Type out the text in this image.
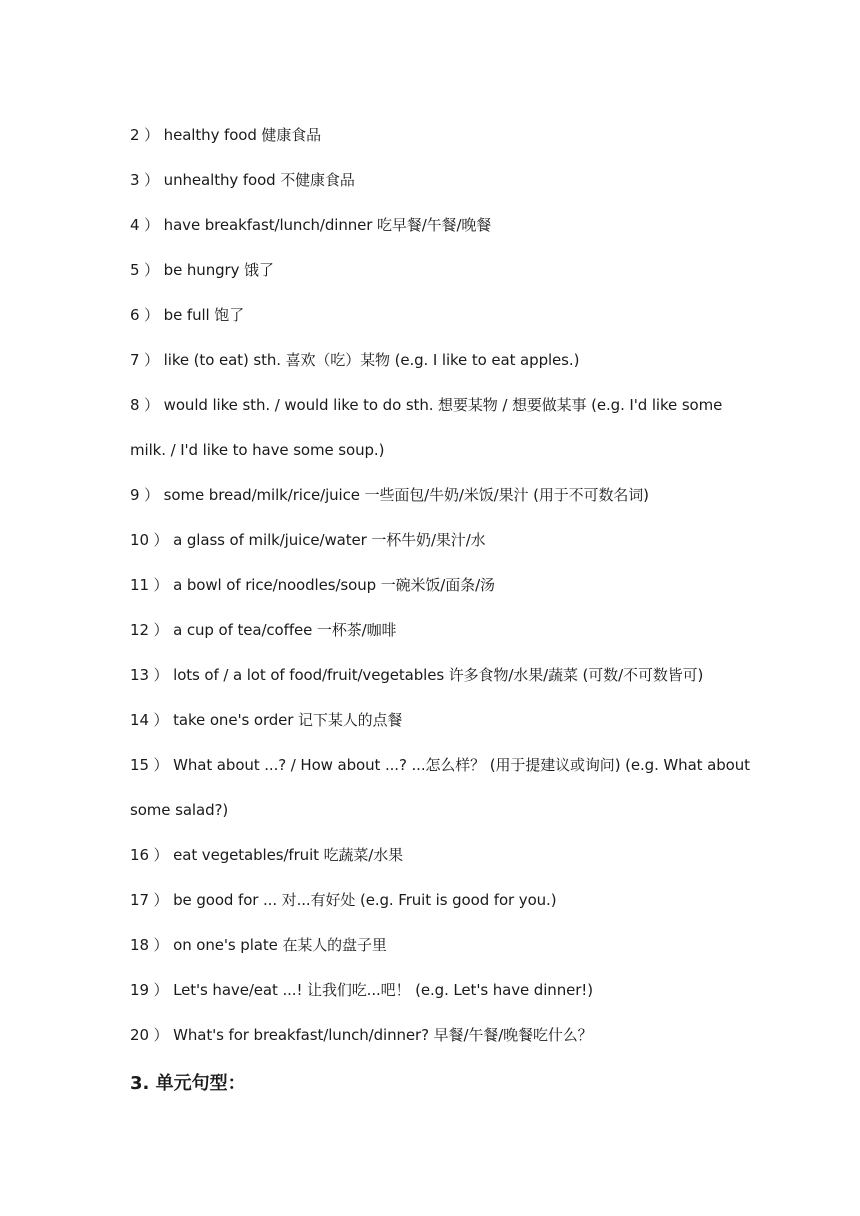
2 ） healthy food 健康食品
3 ） unhealthy food 不健康食品
4 ） have breakfast/lunch/dinner 吃早餐/午餐/晚餐
5 ） be hungry 饿了
6 ） be full 饱了
7 ） like (to eat) sth. 喜欢（吃）某物 (e.g. I like to eat apples.)
8 ） would like sth. / would like to do sth. 想要某物 / 想要做某事 (e.g. I'd like some
milk. / I'd like to have some soup.)
9 ） some bread/milk/rice/juice 一些面包/牛奶/米饭/果汁 (用于不可数名词)
10 ） a glass of milk/juice/water 一杯牛奶/果汁/水
11 ） a bowl of rice/noodles/soup 一碗米饭/面条/汤
12 ） a cup of tea/coffee 一杯茶/咖啡
13 ） lots of / a lot of food/fruit/vegetables 许多食物/水果/蔬菜 (可数/不可数皆可)
14 ） take one's order 记下某人的点餐
15 ） What about ...? / How about ...? ...怎么样？ (用于提建议或询问) (e.g. What about
some salad?)
16 ） eat vegetables/fruit 吃蔬菜/水果
17 ） be good for ... 对...有好处 (e.g. Fruit is good for you.)
18 ） on one's plate 在某人的盘子里
19 ） Let's have/eat ...! 让我们吃...吧！ (e.g. Let's have dinner!)
20 ） What's for breakfast/lunch/dinner? 早餐/午餐/晚餐吃什么？
3. 单元句型：
